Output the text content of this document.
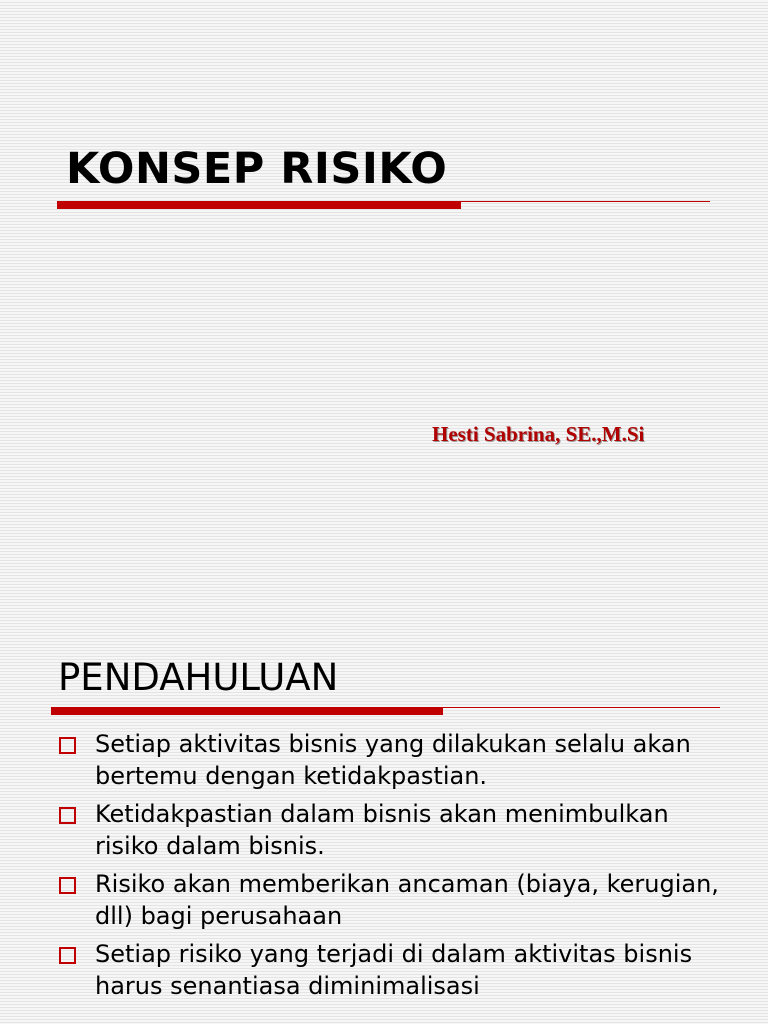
KONSEP RISIKO
Hesti Sabrina, SE.,M.Si
PENDAHULUAN
Setiap aktivitas bisnis yang dilakukan selalu akan bertemu dengan ketidakpastian.
Ketidakpastian dalam bisnis akan menimbulkan risiko dalam bisnis.
Risiko akan memberikan ancaman (biaya, kerugian, dll) bagi perusahaan
Setiap risiko yang terjadi di dalam aktivitas bisnis harus senantiasa diminimalisasi
